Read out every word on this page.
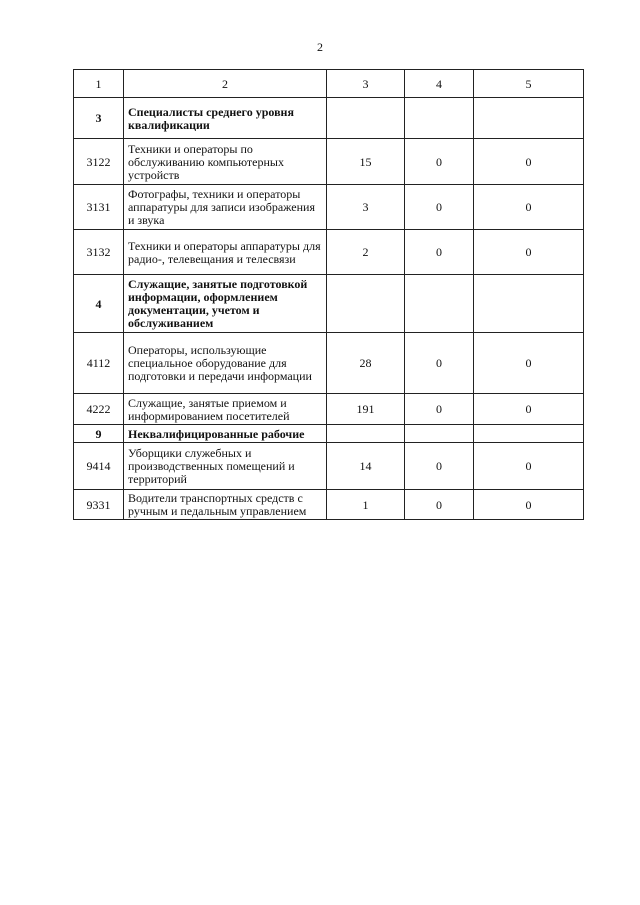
2
1	2	3	4	5
3	Специалисты среднего уровня квалификации			
3122	Техники и операторы по обслуживанию компьютерных устройств	15	0	0
3131	Фотографы, техники и операторы аппаратуры для записи изображения и звука	3	0	0
3132	Техники и операторы аппаратуры для радио-, телевещания и телесвязи	2	0	0
4	Служащие, занятые подготовкой информации, оформлением документации, учетом и обслуживанием			
4112	Операторы, использующие специальное оборудование для подготовки и передачи информации	28	0	0
4222	Служащие, занятые приемом и информированием посетителей	191	0	0
9	Неквалифицированные рабочие			
9414	Уборщики служебных и производственных помещений и территорий	14	0	0
9331	Водители транспортных средств с ручным и педальным управлением	1	0	0
